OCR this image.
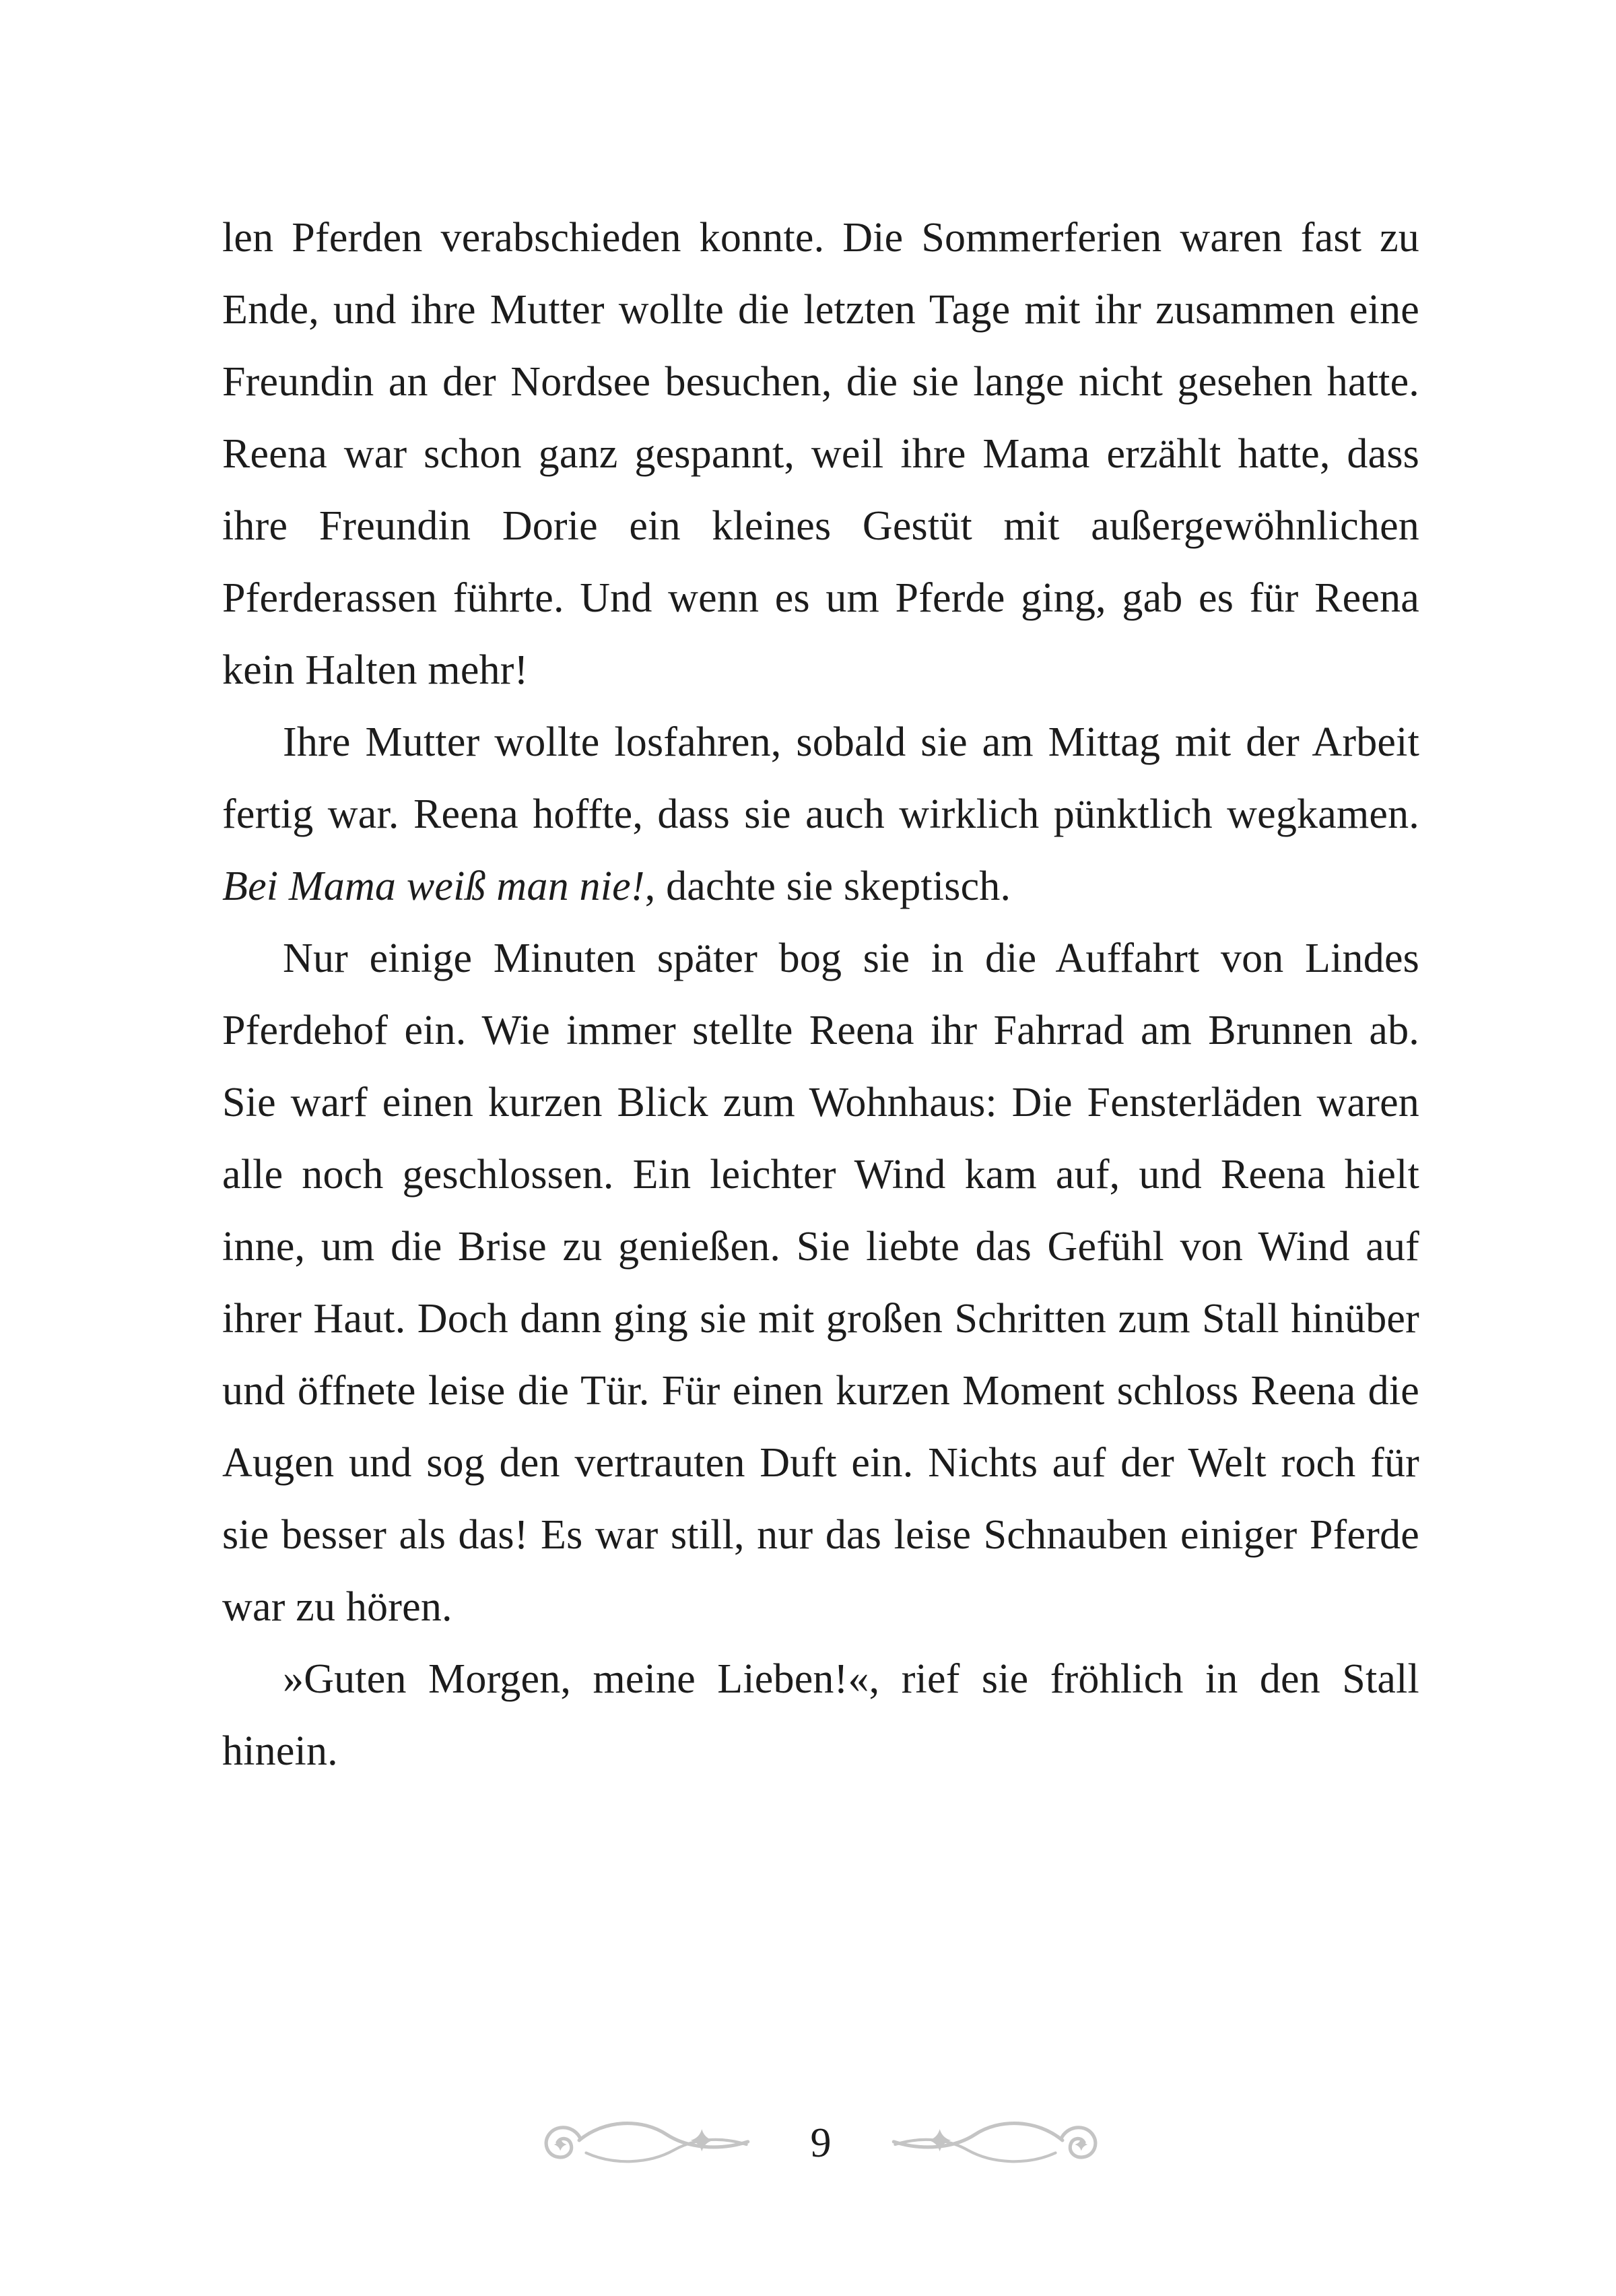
len Pferden verabschieden konnte. Die Sommerferien waren fast zu Ende, und ihre Mutter wollte die letzten Tage mit ihr zusammen eine Freundin an der Nordsee besuchen, die sie lange nicht gesehen hatte. Reena war schon ganz gespannt, weil ihre Mama erzählt hatte, dass ihre Freundin Dorie ein kleines Gestüt mit außergewöhnlichen Pferderassen führte. Und wenn es um Pferde ging, gab es für Reena kein Halten mehr!

Ihre Mutter wollte losfahren, sobald sie am Mittag mit der Arbeit fertig war. Reena hoffte, dass sie auch wirklich pünktlich wegkamen. Bei Mama weiß man nie!, dachte sie skeptisch.

Nur einige Minuten später bog sie in die Auffahrt von Lindes Pferdehof ein. Wie immer stellte Reena ihr Fahrrad am Brunnen ab. Sie warf einen kurzen Blick zum Wohnhaus: Die Fensterläden waren alle noch geschlossen. Ein leichter Wind kam auf, und Reena hielt inne, um die Brise zu genießen. Sie liebte das Gefühl von Wind auf ihrer Haut. Doch dann ging sie mit großen Schritten zum Stall hinüber und öffnete leise die Tür. Für einen kurzen Moment schloss Reena die Augen und sog den vertrauten Duft ein. Nichts auf der Welt roch für sie besser als das! Es war still, nur das leise Schnauben einiger Pferde war zu hören.

»Guten Morgen, meine Lieben!«, rief sie fröhlich in den Stall hinein.

9
